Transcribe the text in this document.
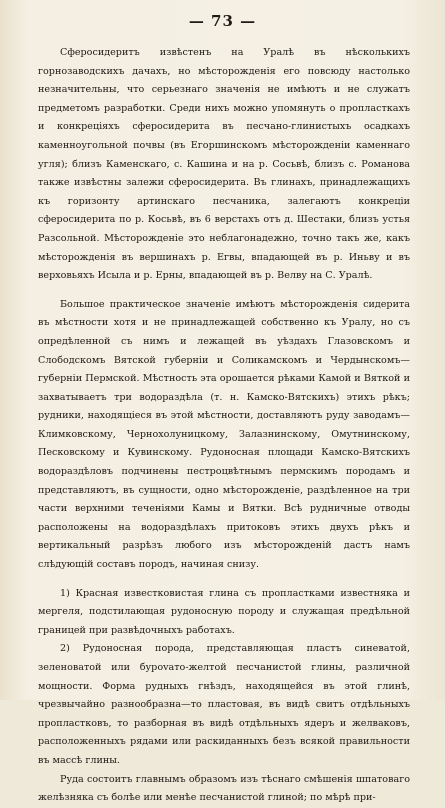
— 73 —

Сферосидеритъ извѣстенъ на Уралѣ въ нѣсколькихъ горнозаводскихъ дачахъ, но мѣсторожденія его повсюду настолько незначительны, что серьезнаго значенія не имѣютъ и не служатъ предметомъ разработки. Среди нихъ можно упомянуть о пропласткахъ и конкреціяхъ сферосидерита въ песчано-глинистыхъ осадкахъ каменноугольной почвы (въ Егоршинскомъ мѣсторожденіи каменнаго угля); близъ Каменскаго, с. Кашина и на р. Сосьвѣ, близъ с. Романова также извѣстны залежи сферосидерита. Въ глинахъ, принадлежащихъ къ горизонту артинскаго песчаника, залегаютъ конкреціи сферосидерита по р. Косьвѣ, въ 6 верстахъ отъ д. Шестаки, близъ устья Разсольной. Мѣсторожденіе это неблагонадежно, точно такъ же, какъ мѣсторожденія въ вершинахъ р. Егвы, впадающей въ р. Иньву и въ верховьяхъ Исыла и р. Ерны, впадающей въ р. Велву на С. Уралѣ.

Большое практическое значеніе имѣютъ мѣсторожденія сидерита въ мѣстности хотя и не принадлежащей собственно къ Уралу, но съ опредѣленной съ нимъ и лежащей въ уѣздахъ Глазовскомъ и Слободскомъ Вятской губерніи и Соликамскомъ и Чердынскомъ— губерніи Пермской. Мѣстность эта орошается рѣками Камой и Вяткой и захватываетъ три водораздѣла (т. н. Камско-Вятскихъ) этихъ рѣкъ; рудники, находящіеся въ этой мѣстности, доставляютъ руду заводамъ—Климковскому, Чернохолуницкому, Залазнинскому, Омутнинскому, Песковскому и Кувинскому. Рудоносная площади Камско-Вятскихъ водораздѣловъ подчинены пестроцвѣтнымъ пермскимъ породамъ и представляютъ, въ сущности, одно мѣсторожденіе, раздѣленное на три части верхними теченіями Камы и Вятки. Всѣ рудничные отводы расположены на водораздѣлахъ притоковъ этихъ двухъ рѣкъ и вертикальный разрѣзъ любого изъ мѣсторожденій дастъ намъ слѣдующій составъ породъ, начиная снизу.

1) Красная известковистая глина съ пропластками известняка и мергеля, подстилающая рудоносную породу и служащая предѣльной границей при развѣдочныхъ работахъ.

2) Рудоносная порода, представляющая пластъ синеватой, зеленоватой или бурovато-желтой песчанистой глины, различной мощности. Форма рудныхъ гнѣздъ, находящейся въ этой глинѣ, чрезвычайно разнообразна—то пластовая, въ видѣ свитъ отдѣльныхъ пропластковъ, то разборная въ видѣ отдѣльныхъ ядеръ и желваковъ, расположенныхъ рядами или раскиданныхъ безъ всякой правильности въ массѣ глины.

Руда состоитъ главнымъ образомъ изъ тѣснаго смѣшенія шпатоваго желѣзняка съ болѣе или менѣе песчанистой глиной; по мѣрѣ при-
